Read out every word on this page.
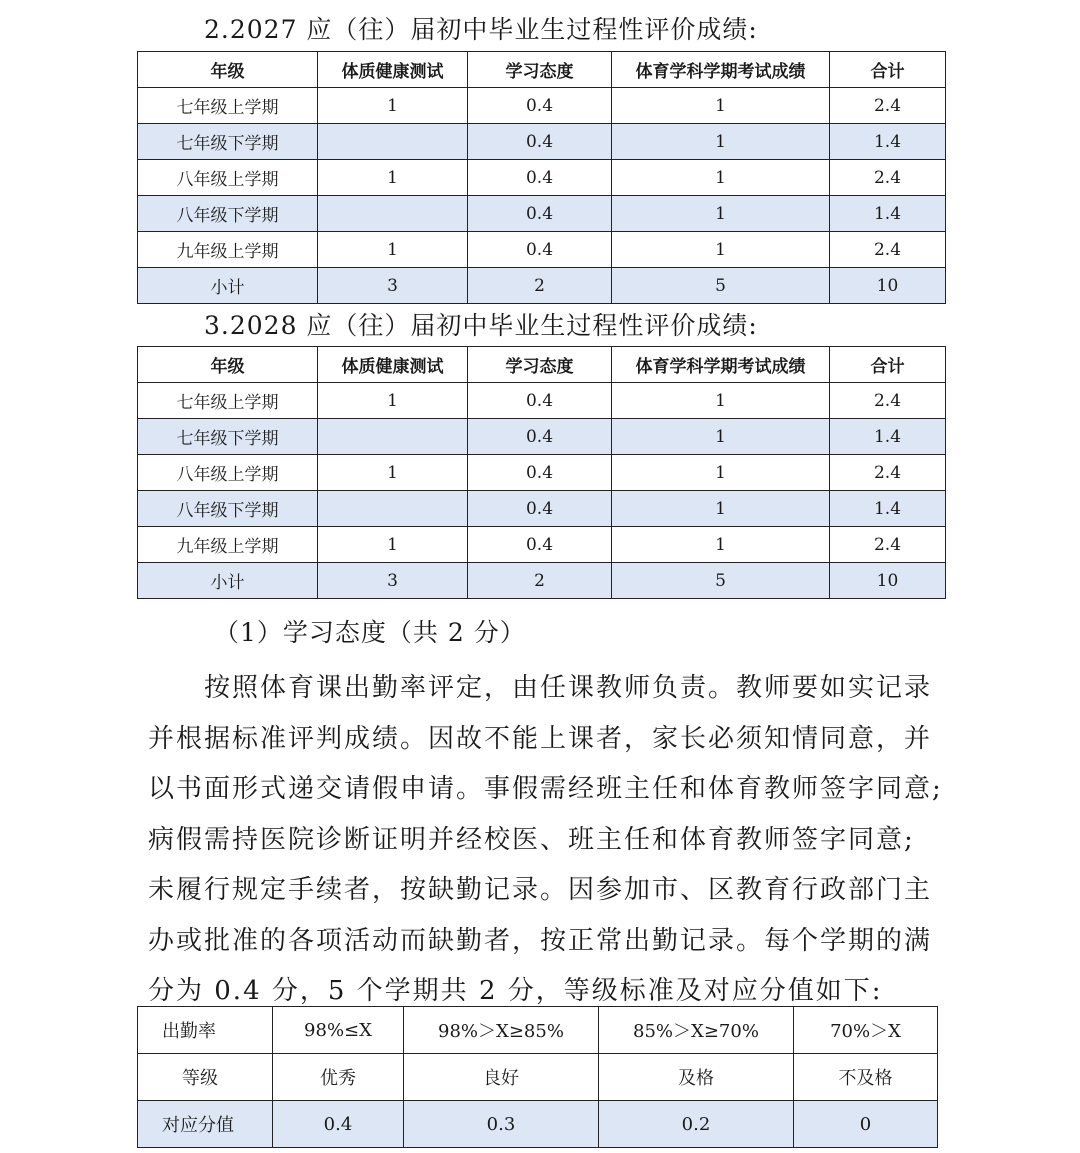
2.2027 应（往）届初中毕业生过程性评价成绩:
年级	体质健康测试	学习态度	体育学科学期考试成绩	合计
七年级上学期	1	0.4	1	2.4
七年级下学期		0.4	1	1.4
八年级上学期	1	0.4	1	2.4
八年级下学期		0.4	1	1.4
九年级上学期	1	0.4	1	2.4
小计	3	2	5	10
3.2028 应（往）届初中毕业生过程性评价成绩:
年级	体质健康测试	学习态度	体育学科学期考试成绩	合计
七年级上学期	1	0.4	1	2.4
七年级下学期		0.4	1	1.4
八年级上学期	1	0.4	1	2.4
八年级下学期		0.4	1	1.4
九年级上学期	1	0.4	1	2.4
小计	3	2	5	10
（1）学习态度（共 2 分）
按照体育课出勤率评定，由任课教师负责。教师要如实记录
并根据标准评判成绩。因故不能上课者，家长必须知情同意，并
以书面形式递交请假申请。事假需经班主任和体育教师签字同意;
病假需持医院诊断证明并经校医、班主任和体育教师签字同意;
未履行规定手续者，按缺勤记录。因参加市、区教育行政部门主
办或批准的各项活动而缺勤者，按正常出勤记录。每个学期的满
分为 0.4 分，5 个学期共 2 分，等级标准及对应分值如下:
出勤率	98%≤X	98%＞X≥85%	85%＞X≥70%	70%＞X
等级	优秀	良好	及格	不及格
对应分值	0.4	0.3	0.2	0
